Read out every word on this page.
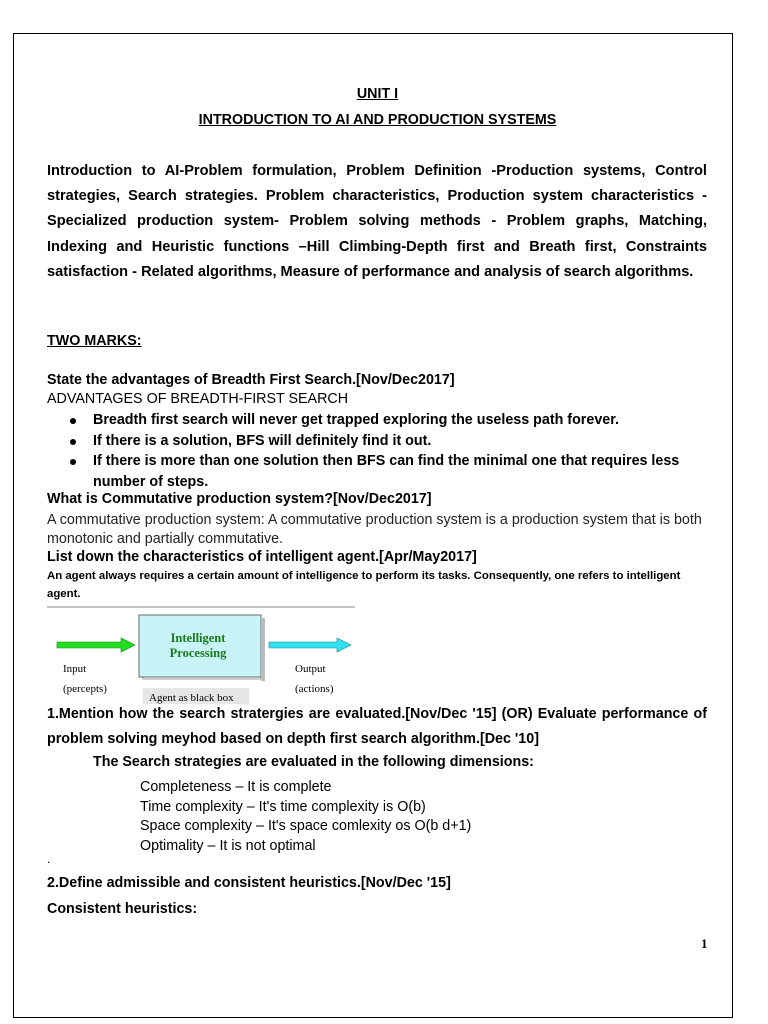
UNIT I
INTRODUCTION TO AI AND PRODUCTION SYSTEMS
Introduction to AI-Problem formulation, Problem Definition -Production systems, Control strategies, Search strategies. Problem characteristics, Production system characteristics -Specialized production system- Problem solving methods - Problem graphs, Matching, Indexing and Heuristic functions –Hill Climbing-Depth first and Breath first, Constraints satisfaction - Related algorithms, Measure of performance and analysis of search algorithms.
TWO MARKS:
State the advantages of Breadth First Search.[Nov/Dec2017]
ADVANTAGES OF BREADTH-FIRST SEARCH
Breadth first search will never get trapped exploring the useless path forever.
If there is a solution, BFS will definitely find it out.
If there is more than one solution then BFS can find the minimal one that requires less number of steps.
What is Commutative production system?[Nov/Dec2017]
A commutative production system: A commutative production system is a production system that is both monotonic and partially commutative.
List down the characteristics of intelligent agent.[Apr/May2017]
An agent always requires a certain amount of intelligence to perform its tasks. Consequently, one refers to intelligent agent.
Intelligent
Processing
Input
(percepts)
Output
(actions)
Agent as black box
1.Mention how the search stratergies are evaluated.[Nov/Dec '15] (OR) Evaluate performance of problem solving meyhod based on depth first search algorithm.[Dec '10]
The Search strategies are evaluated in the following dimensions:
Completeness – It is complete
Time complexity – It's time complexity is O(b)
Space complexity – It's space comlexity os O(b d+1)
Optimality – It is not optimal
.
2.Define admissible and consistent heuristics.[Nov/Dec '15]
Consistent heuristics:
1
